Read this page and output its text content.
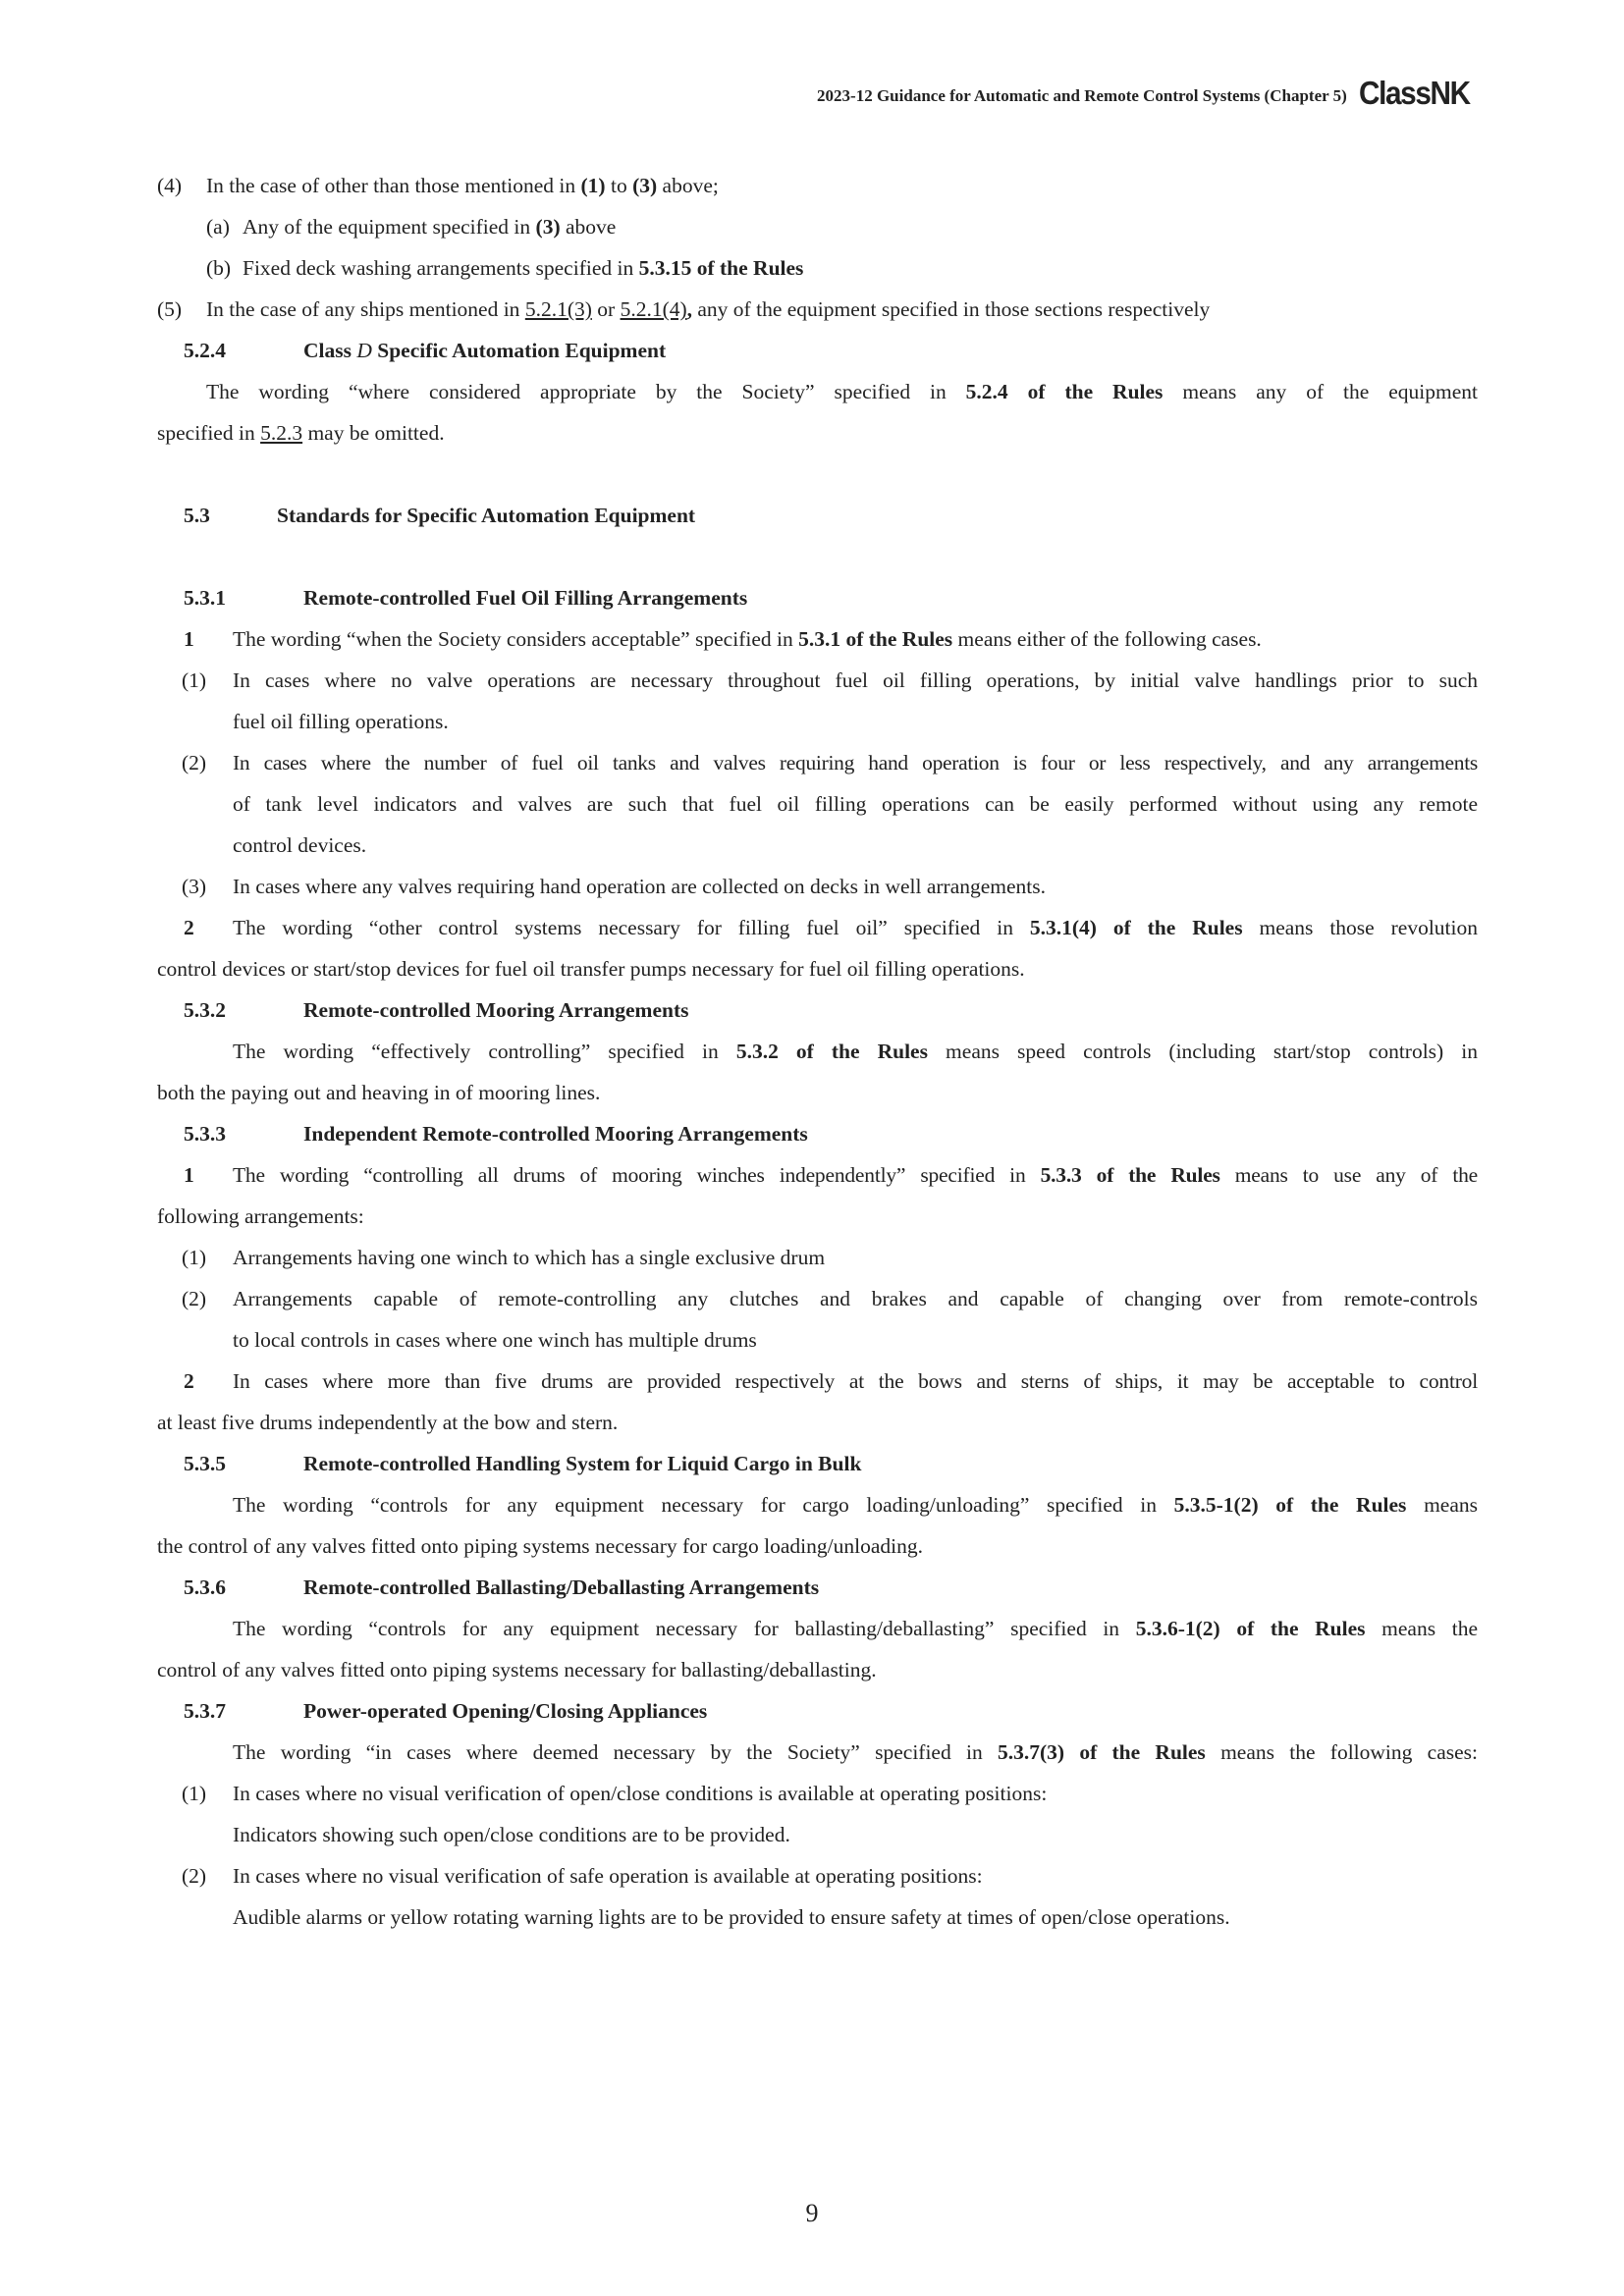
2023-12 Guidance for Automatic and Remote Control Systems (Chapter 5) ClassNK
(4) In the case of other than those mentioned in (1) to (3) above;
(a) Any of the equipment specified in (3) above
(b) Fixed deck washing arrangements specified in 5.3.15 of the Rules
(5) In the case of any ships mentioned in 5.2.1(3) or 5.2.1(4), any of the equipment specified in those sections respectively
5.2.4	Class D Specific Automation Equipment
The wording “where considered appropriate by the Society” specified in 5.2.4 of the Rules means any of the equipment
specified in 5.2.3 may be omitted.
5.3	Standards for Specific Automation Equipment
5.3.1	Remote-controlled Fuel Oil Filling Arrangements
1 The wording “when the Society considers acceptable” specified in 5.3.1 of the Rules means either of the following cases.
(1)	In cases where no valve operations are necessary throughout fuel oil filling operations, by initial valve handlings prior to such
fuel oil filling operations.
(2)	In cases where the number of fuel oil tanks and valves requiring hand operation is four or less respectively, and any arrangements
of tank level indicators and valves are such that fuel oil filling operations can be easily performed without using any remote
control devices.
(3) In cases where any valves requiring hand operation are collected on decks in well arrangements.
2	The wording “other control systems necessary for filling fuel oil” specified in 5.3.1(4) of the Rules means those revolution
control devices or start/stop devices for fuel oil transfer pumps necessary for fuel oil filling operations.
5.3.2	Remote-controlled Mooring Arrangements
The wording “effectively controlling” specified in 5.3.2 of the Rules means speed controls (including start/stop controls) in
both the paying out and heaving in of mooring lines.
5.3.3	Independent Remote-controlled Mooring Arrangements
1	The wording “controlling all drums of mooring winches independently” specified in 5.3.3 of the Rules means to use any of the
following arrangements:
(1) Arrangements having one winch to which has a single exclusive drum
(2)	Arrangements capable of remote-controlling any clutches and brakes and capable of changing over from remote-controls
to local controls in cases where one winch has multiple drums
2	In cases where more than five drums are provided respectively at the bows and sterns of ships, it may be acceptable to control
at least five drums independently at the bow and stern.
5.3.5	Remote-controlled Handling System for Liquid Cargo in Bulk
The wording “controls for any equipment necessary for cargo loading/unloading” specified in 5.3.5-1(2) of the Rules means
the control of any valves fitted onto piping systems necessary for cargo loading/unloading.
5.3.6	Remote-controlled Ballasting/Deballasting Arrangements
The wording “controls for any equipment necessary for ballasting/deballasting” specified in 5.3.6-1(2) of the Rules means the
control of any valves fitted onto piping systems necessary for ballasting/deballasting.
5.3.7	Power-operated Opening/Closing Appliances
The wording “in cases where deemed necessary by the Society” specified in 5.3.7(3) of the Rules means the following cases:
(1) In cases where no visual verification of open/close conditions is available at operating positions:
Indicators showing such open/close conditions are to be provided.
(2) In cases where no visual verification of safe operation is available at operating positions:
Audible alarms or yellow rotating warning lights are to be provided to ensure safety at times of open/close operations.
9
